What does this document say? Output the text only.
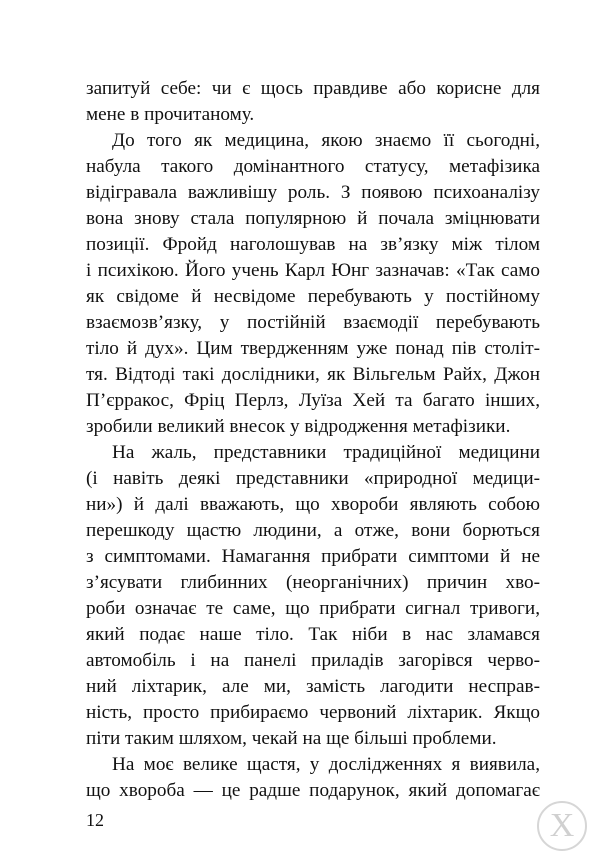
запитуй себе: чи є щось правдиве або корисне для
мене в прочитаному.
До того як медицина, якою знаємо її сьогодні,
набула такого домінантного статусу, метафізика
відігравала важливішу роль. З появою психоаналізу
вона знову стала популярною й почала зміцнювати
позиції. Фройд наголошував на зв’язку між тілом
і психікою. Його учень Карл Юнг зазначав: «Так само
як свідоме й несвідоме перебувають у постійному
взаємозв’язку, у постійній взаємодії перебувають
тіло й дух». Цим твердженням уже понад пів століт-
тя. Відтоді такі дослідники, як Вільгельм Райх, Джон
П’єрракос, Фріц Перлз, Луїза Хей та багато інших,
зробили великий внесок у відродження метафізики.
На жаль, представники традиційної медицини
(і навіть деякі представники «природної медици-
ни») й далі вважають, що хвороби являють собою
перешкоду щастю людини, а отже, вони борються
з симптомами. Намагання прибрати симптоми й не
з’ясувати глибинних (неорганічних) причин хво-
роби означає те саме, що прибрати сигнал тривоги,
який подає наше тіло. Так ніби в нас зламався
автомобіль і на панелі приладів загорівся черво-
ний ліхтарик, але ми, замість лагодити несправ-
ність, просто прибираємо червоний ліхтарик. Якщо
піти таким шляхом, чекай на ще більші проблеми.
На моє велике щастя, у дослідженнях я виявила,
що хвороба — це радше подарунок, який допомагає
12	Х
